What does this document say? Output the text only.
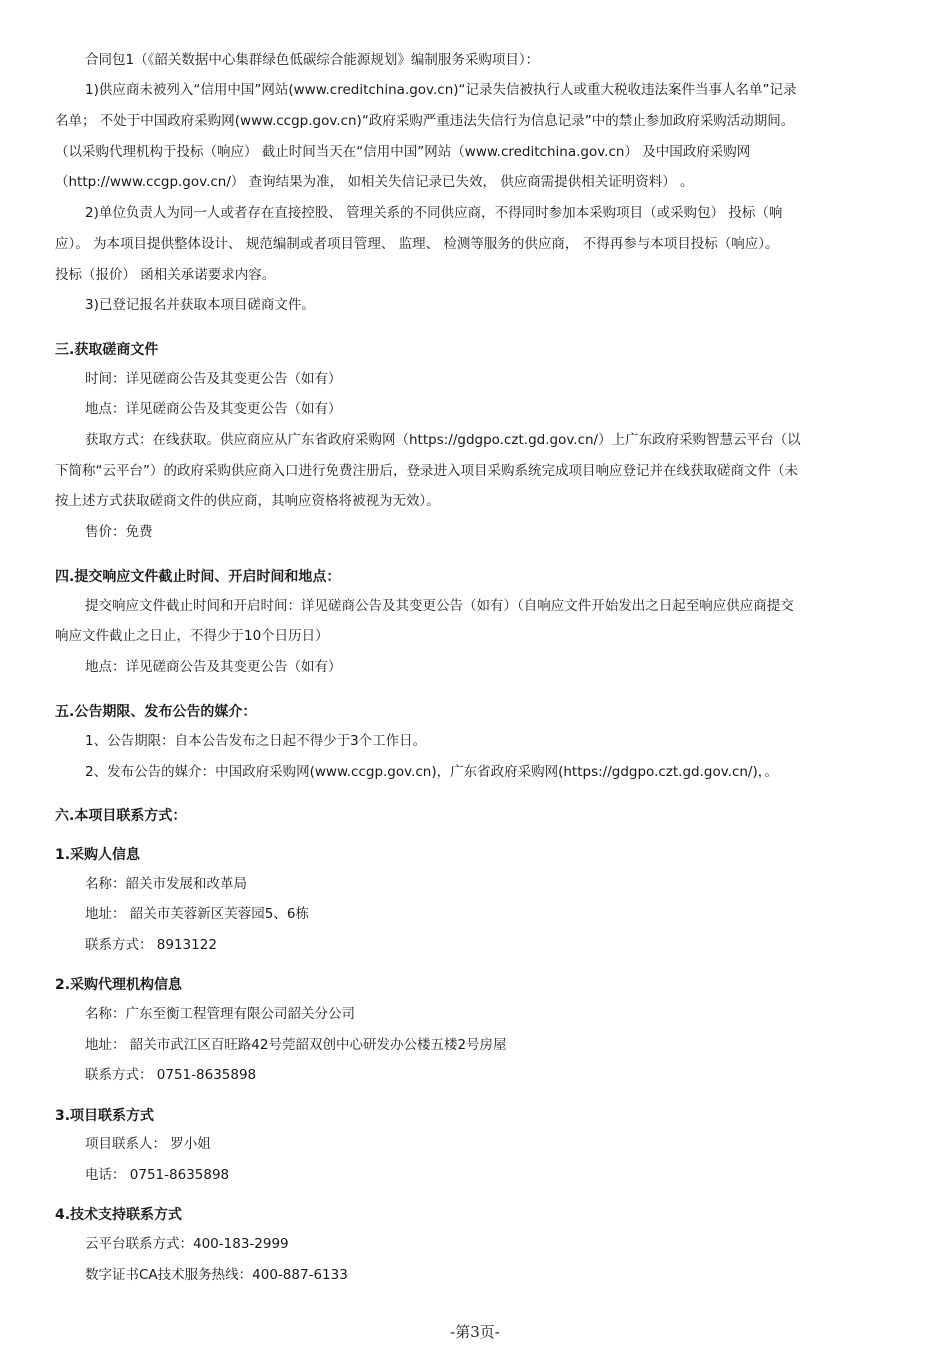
合同包1（《韶关数据中心集群绿色低碳综合能源规划》编制服务采购项目）：
1)供应商未被列入“信用中国”网站(www.creditchina.gov.cn)“记录失信被执行人或重大税收违法案件当事人名单”记录
名单； 不处于中国政府采购网(www.ccgp.gov.cn)“政府采购严重违法失信行为信息记录”中的禁止参加政府采购活动期间。
（以采购代理机构于投标（响应） 截止时间当天在“信用中国”网站（www.creditchina.gov.cn） 及中国政府采购网
（http://www.ccgp.gov.cn/） 查询结果为准， 如相关失信记录已失效， 供应商需提供相关证明资料） 。
2)单位负责人为同一人或者存在直接控股、 管理关系的不同供应商，不得同时参加本采购项目（或采购包） 投标（响
应）。 为本项目提供整体设计、 规范编制或者项目管理、 监理、 检测等服务的供应商， 不得再参与本项目投标（响应）。
投标（报价） 函相关承诺要求内容。
3)已登记报名并获取本项目磋商文件。
三.获取磋商文件
时间：详见磋商公告及其变更公告（如有）
地点：详见磋商公告及其变更公告（如有）
获取方式：在线获取。供应商应从广东省政府采购网（https://gdgpo.czt.gd.gov.cn/）上广东政府采购智慧云平台（以
下简称“云平台”）的政府采购供应商入口进行免费注册后，登录进入项目采购系统完成项目响应登记并在线获取磋商文件（未
按上述方式获取磋商文件的供应商，其响应资格将被视为无效）。
售价：免费
四.提交响应文件截止时间、开启时间和地点：
提交响应文件截止时间和开启时间：详见磋商公告及其变更公告（如有）（自响应文件开始发出之日起至响应供应商提交
响应文件截止之日止，不得少于10个日历日）
地点：详见磋商公告及其变更公告（如有）
五.公告期限、发布公告的媒介：
1、公告期限：自本公告发布之日起不得少于3个工作日。
2、发布公告的媒介：中国政府采购网(www.ccgp.gov.cn)，广东省政府采购网(https://gdgpo.czt.gd.gov.cn/)，。
六.本项目联系方式：
1.采购人信息
名称：韶关市发展和改革局
地址： 韶关市芙蓉新区芙蓉园5、6栋
联系方式： 8913122
2.采购代理机构信息
名称：广东至衡工程管理有限公司韶关分公司
地址： 韶关市武江区百旺路42号莞韶双创中心研发办公楼五楼2号房屋
联系方式： 0751-8635898
3.项目联系方式
项目联系人： 罗小姐
电话： 0751-8635898
4.技术支持联系方式
云平台联系方式：400-183-2999
数字证书CA技术服务热线：400-887-6133
-第3页-
